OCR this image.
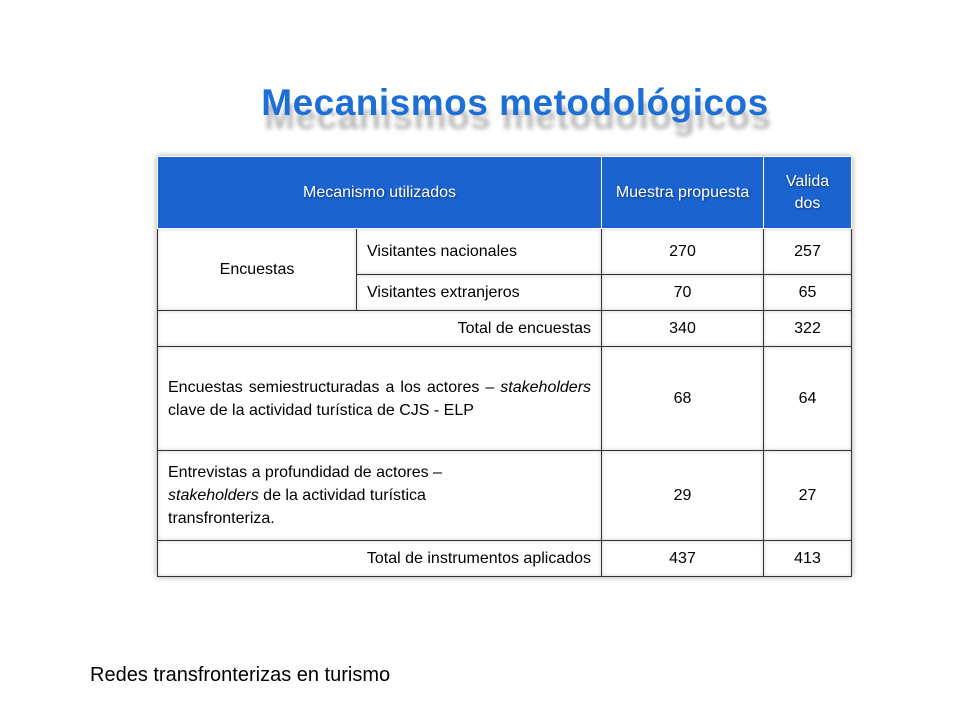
Mecanismos metodológicos
Mecanismo utilizados		Muestra propuesta	Valida dos
Encuestas	Visitantes nacionales	270	257
	Visitantes extranjeros	70	65
Total de encuestas		340	322
Encuestas semiestructuradas a los actores – stakeholders clave de la actividad turística de CJS - ELP		68	64
Entrevistas a profundidad de actores – stakeholders de la actividad turística transfronteriza.		29	27
Total de instrumentos aplicados		437	413
Redes transfronterizas en turismo
